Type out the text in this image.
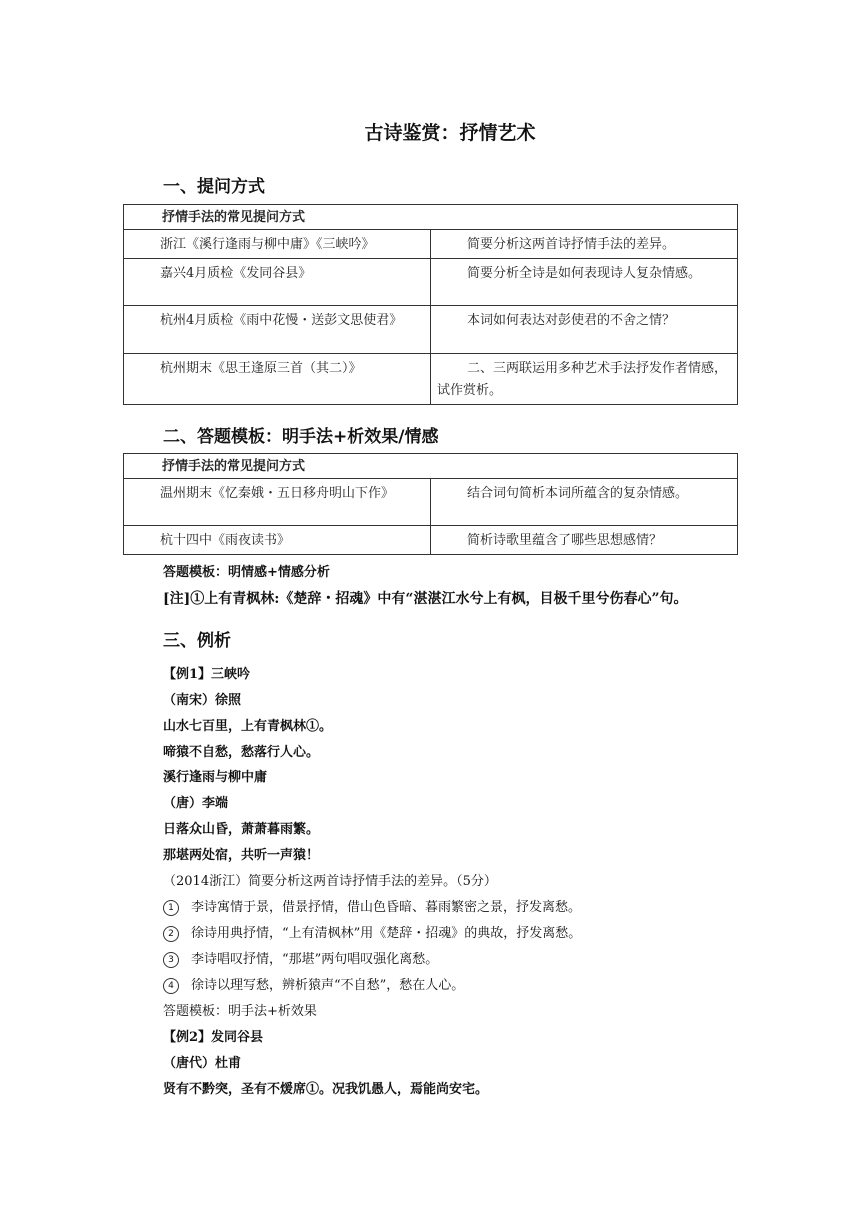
古诗鉴赏：抒情艺术
一、提问方式
抒情手法的常见提问方式	
浙江《溪行逢雨与柳中庸》《三峡吟》	简要分析这两首诗抒情手法的差异。
嘉兴4月质检《发同谷县》	简要分析全诗是如何表现诗人复杂情感。
杭州4月质检《雨中花慢・送彭文思使君》	本词如何表达对彭使君的不舍之情？
杭州期末《思王逢原三首（其二）》	二、三两联运用多种艺术手法抒发作者情感，试作赏析。
二、答题模板：明手法+析效果/情感
抒情手法的常见提问方式	
温州期末《忆秦娥・五日移舟明山下作》	结合词句简析本词所蕴含的复杂情感。
杭十四中《雨夜读书》	简析诗歌里蕴含了哪些思想感情？
答题模板：明情感+情感分析
[注]①上有青枫林:《楚辞・招魂》中有“湛湛江水兮上有枫，目极千里兮伤春心”句。
三、例析
【例1】三峡吟
（南宋）徐照
山水七百里，上有青枫林①。
啼猿不自愁，愁落行人心。
溪行逢雨与柳中庸
（唐）李端
日落众山昏，萧萧暮雨繁。
那堪两处宿，共听一声猿！
（2014浙江）简要分析这两首诗抒情手法的差异。（5分）
1 李诗寓情于景，借景抒情，借山色昏暗、暮雨繁密之景，抒发离愁。
2 徐诗用典抒情，“上有清枫林”用《楚辞・招魂》的典故，抒发离愁。
3 李诗唱叹抒情，“那堪”两句唱叹强化离愁。
4 徐诗以理写愁，辨析猿声“不自愁”，愁在人心。
答题模板：明手法+析效果
【例2】发同谷县
（唐代）杜甫
贤有不黔突，圣有不煖席①。况我饥愚人，焉能尚安宅。
